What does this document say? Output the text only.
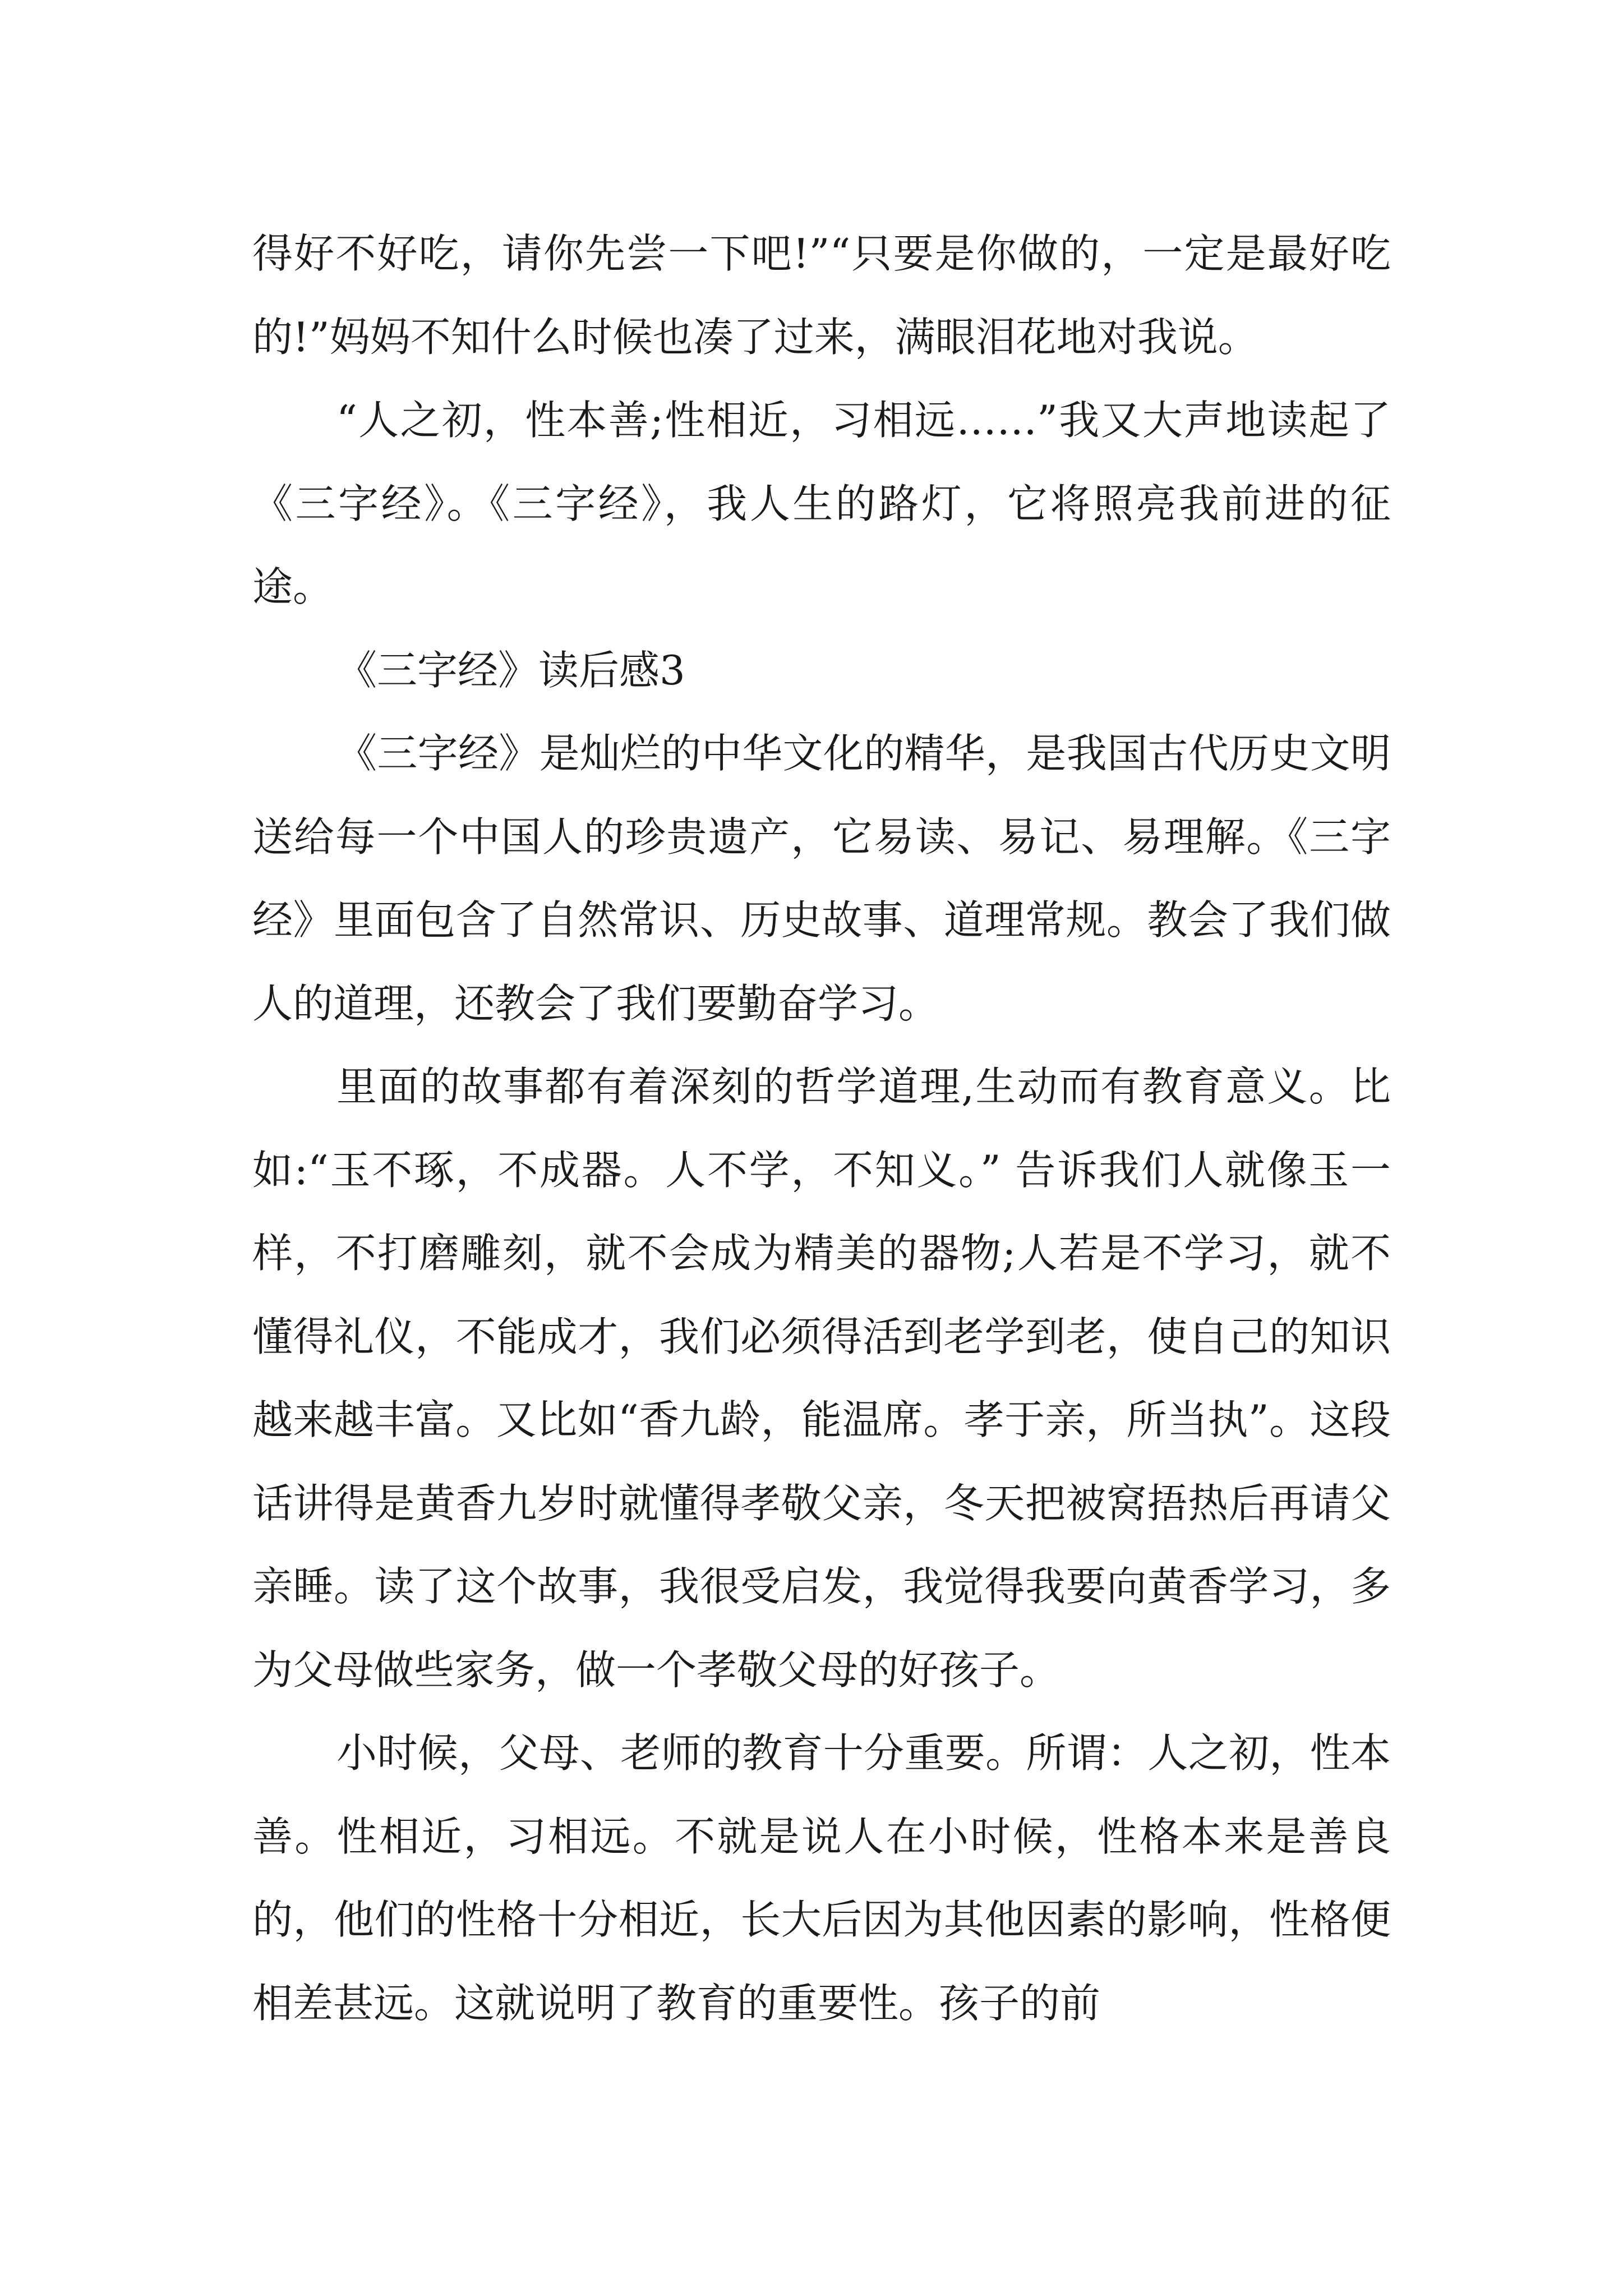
得好不好吃，请你先尝一下吧!”“只要是你做的，一定是最好吃的!”妈妈不知什么时候也凑了过来，满眼泪花地对我说。

“人之初，性本善;性相近，习相远……”我又大声地读起了《三字经》。《三字经》，我人生的路灯，它将照亮我前进的征途。

《三字经》读后感3

《三字经》是灿烂的中华文化的精华，是我国古代历史文明送给每一个中国人的珍贵遗产，它易读、易记、易理解。《三字经》里面包含了自然常识、历史故事、道理常规。教会了我们做人的道理，还教会了我们要勤奋学习。

里面的故事都有着深刻的哲学道理,生动而有教育意义。比如:“玉不琢，不成器。人不学，不知义。” 告诉我们人就像玉一样，不打磨雕刻，就不会成为精美的器物;人若是不学习，就不懂得礼仪，不能成才，我们必须得活到老学到老，使自己的知识越来越丰富。又比如“香九龄，能温席。孝于亲，所当执”。这段话讲得是黄香九岁时就懂得孝敬父亲，冬天把被窝捂热后再请父亲睡。读了这个故事，我很受启发，我觉得我要向黄香学习，多为父母做些家务，做一个孝敬父母的好孩子。

小时候，父母、老师的教育十分重要。所谓：人之初，性本善。性相近，习相远。不就是说人在小时候，性格本来是善良的，他们的性格十分相近，长大后因为其他因素的影响，性格便相差甚远。这就说明了教育的重要性。孩子的前
